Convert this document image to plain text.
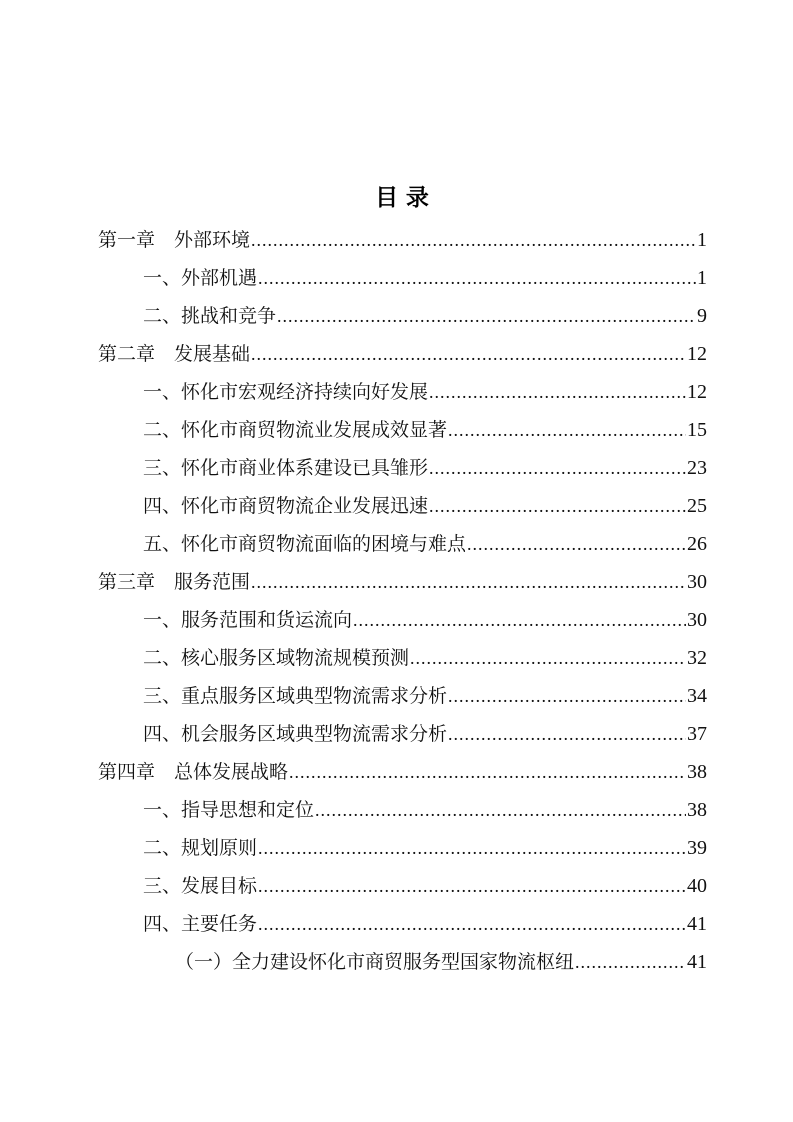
目 录
第一章　外部环境 .....	1
一、外部机遇 .....	1
二、挑战和竞争 .....	9
第二章　发展基础 .....	12
一、怀化市宏观经济持续向好发展 .....	12
二、怀化市商贸物流业发展成效显著 .....	15
三、怀化市商业体系建设已具雏形 .....	23
四、怀化市商贸物流企业发展迅速 .....	25
五、怀化市商贸物流面临的困境与难点 .....	26
第三章　服务范围 .....	30
一、服务范围和货运流向 .....	30
二、核心服务区域物流规模预测 .....	32
三、重点服务区域典型物流需求分析 .....	34
四、机会服务区域典型物流需求分析 .....	37
第四章　总体发展战略 .....	38
一、指导思想和定位 .....	38
二、规划原则 .....	39
三、发展目标 .....	40
四、主要任务 .....	41
（一）全力建设怀化市商贸服务型国家物流枢纽 .....	41
